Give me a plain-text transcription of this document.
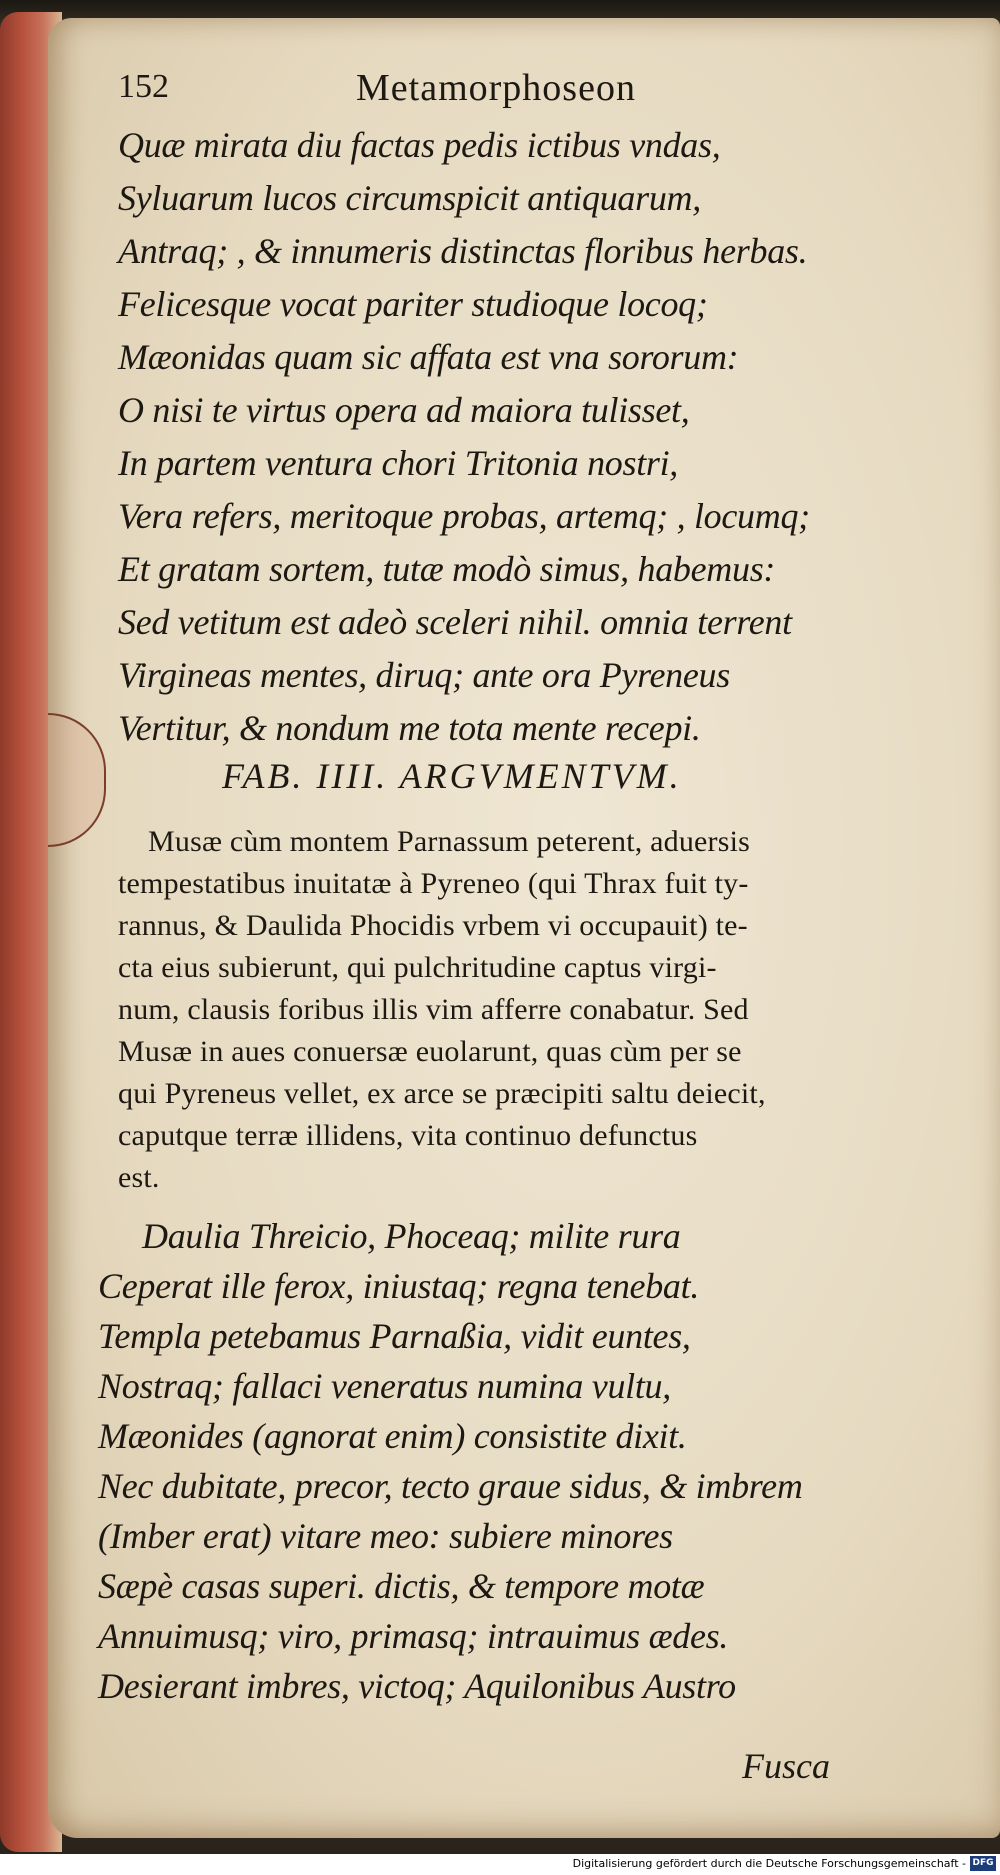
152	Metamorphoseon
Quæ mirata diu factas pedis ictibus vndas,
Syluarum lucos circumspicit antiquarum,
Antraq; , & innumeris distinctas floribus herbas.
Felicesque vocat pariter studioque locoq;
Mæonidas quam sic affata est vna sororum:
O nisi te virtus opera ad maiora tulisset,
In partem ventura chori Tritonia nostri,
Vera refers, meritoque probas, artemq; , locumq;
Et gratam sortem, tutæ modò simus, habemus:
Sed vetitum est adeò sceleri nihil. omnia terrent
Virgineas mentes, diruq; ante ora Pyreneus
Vertitur, & nondum me tota mente recepi.
FAB. IIII. ARGVMENTVM.
Musæ cùm montem Parnassum peterent, aduersis
tempestatibus inuitatæ à Pyreneo (qui Thrax fuit ty-
rannus, & Daulida Phocidis vrbem vi occupauit) te-
cta eius subierunt, qui pulchritudine captus virgi-
num, clausis foribus illis vim afferre conabatur. Sed
Musæ in aues conuersæ euolarunt, quas cùm per se
qui Pyreneus vellet, ex arce se præcipiti saltu deiecit,
caputque terræ illidens, vita continuo defunctus
est.
Daulia Threicio, Phoceaq; milite rura
Ceperat ille ferox, iniustaq; regna tenebat.
Templa petebamus Parnaßia, vidit euntes,
Nostraq; fallaci veneratus numina vultu,
Mæonides (agnorat enim) consistite dixit.
Nec dubitate, precor, tecto graue sidus, & imbrem
(Imber erat) vitare meo: subiere minores
Sæpè casas superi. dictis, & tempore motæ
Annuimusq; viro, primasq; intrauimus ædes.
Desierant imbres, victoq; Aquilonibus Austro
Fusca
Digitalisierung gefördert durch die Deutsche Forschungsgemeinschaft - DFG
